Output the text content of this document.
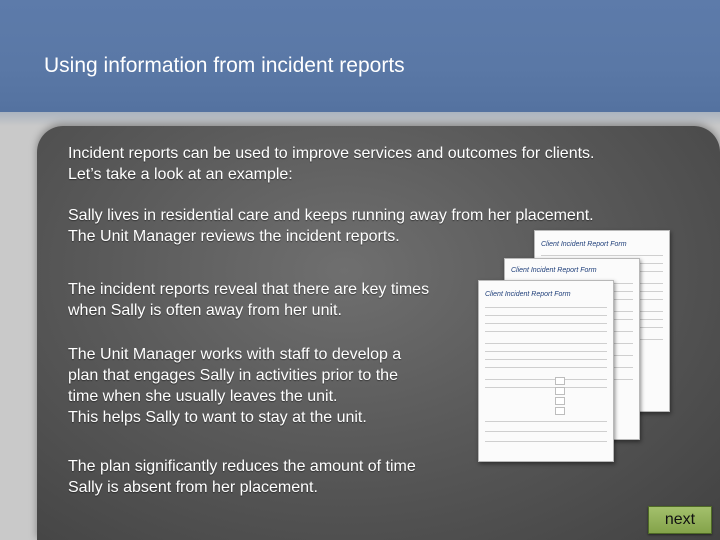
Using information from incident reports

Incident reports can be used to improve services and outcomes for clients.
Let’s take a look at an example:

Sally lives in residential care and keeps running away from her placement.
The Unit Manager reviews the incident reports.

The incident reports reveal that there are key times
when Sally is often away from her unit.

The Unit Manager works with staff to develop a
plan that engages Sally in activities prior to the
time when she usually leaves the unit.
This helps Sally to want to stay at the unit.

The plan significantly reduces the amount of time
Sally is absent from her placement.

Client Incident Report Form
Client Incident Report Form
Client Incident Report Form
next
